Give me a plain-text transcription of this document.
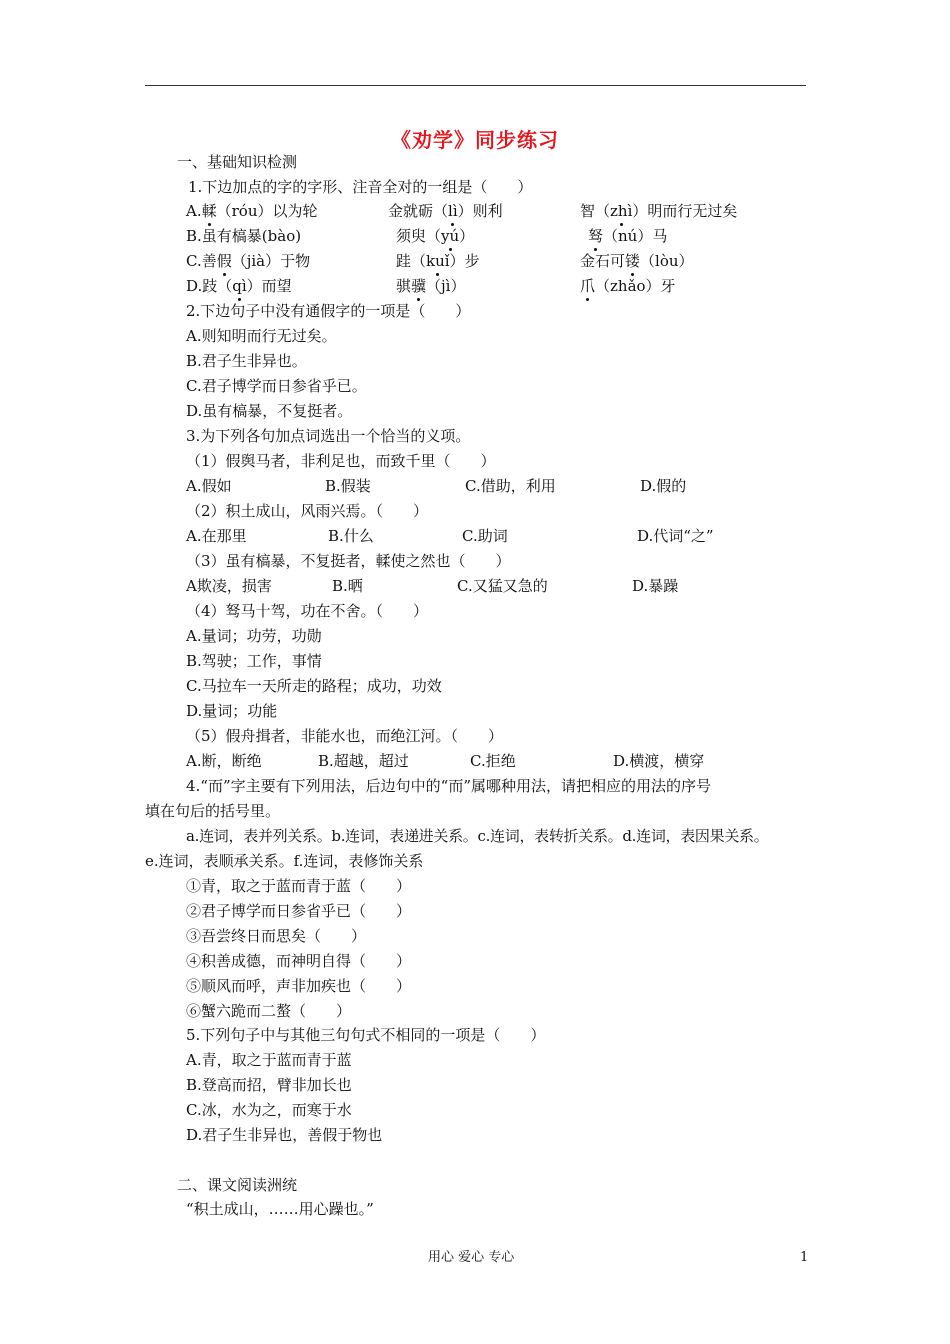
《劝学》同步练习
一、基础知识检测
1.下边加点的字的字形、注音全对的一组是（　　）
A.輮（róu）以为轮	金就砺（lì）则利	智（zhì）明而行无过矣
B.虽有槁暴(bào)	须臾（yú）	驽（nú）马
C.善假（jià）于物	跬（kuǐ）步	金石可镂（lòu）
D.跂（qì）而望	骐骥（jì）	爪（zhǎo）牙
2.下边句子中没有通假字的一项是（　　）
A.则知明而行无过矣。
B.君子生非异也。
C.君子博学而日参省乎已。
D.虽有槁暴，不复挺者。
3.为下列各句加点词选出一个恰当的义项。
（1）假舆马者，非利足也，而致千里（　　）
A.假如	B.假装	C.借助，利用	D.假的
（2）积土成山，风雨兴焉。（　　）
A.在那里	B.什么	C.助词	D.代词“之”
（3）虽有槁暴，不复挺者，輮使之然也（　　）
A欺凌，损害	B.晒	C.又猛又急的	D.暴躁
（4）驽马十驾，功在不舍。（　　）
A.量词；功劳，功勋
B.驾驶；工作，事情
C.马拉车一天所走的路程；成功，功效
D.量词；功能
（5）假舟揖者，非能水也，而绝江河。（　　）
A.断，断绝	B.超越，超过	C.拒绝	D.横渡，横穿
4.“而”字主要有下列用法，后边句中的“而”属哪种用法，请把相应的用法的序号
填在句后的括号里。
a.连词，表并列关系。b.连词，表递进关系。c.连词，表转折关系。d.连词，表因果关系。
e.连词，表顺承关系。f.连词，表修饰关系
①青，取之于蓝而青于蓝（　　）
②君子博学而日参省乎已（　　）
③吾尝终日而思矣（　　）
④积善成德，而神明自得（　　）
⑤顺风而呼，声非加疾也（　　）
⑥蟹六跪而二螯（　　）
5.下列句子中与其他三句句式不相同的一项是（　　）
A.青，取之于蓝而青于蓝
B.登高而招，臂非加长也
C.冰，水为之，而寒于水
D.君子生非异也，善假于物也
二、课文阅读洲统
“积土成山，……用心躁也。”
用心 爱心 专心	1
